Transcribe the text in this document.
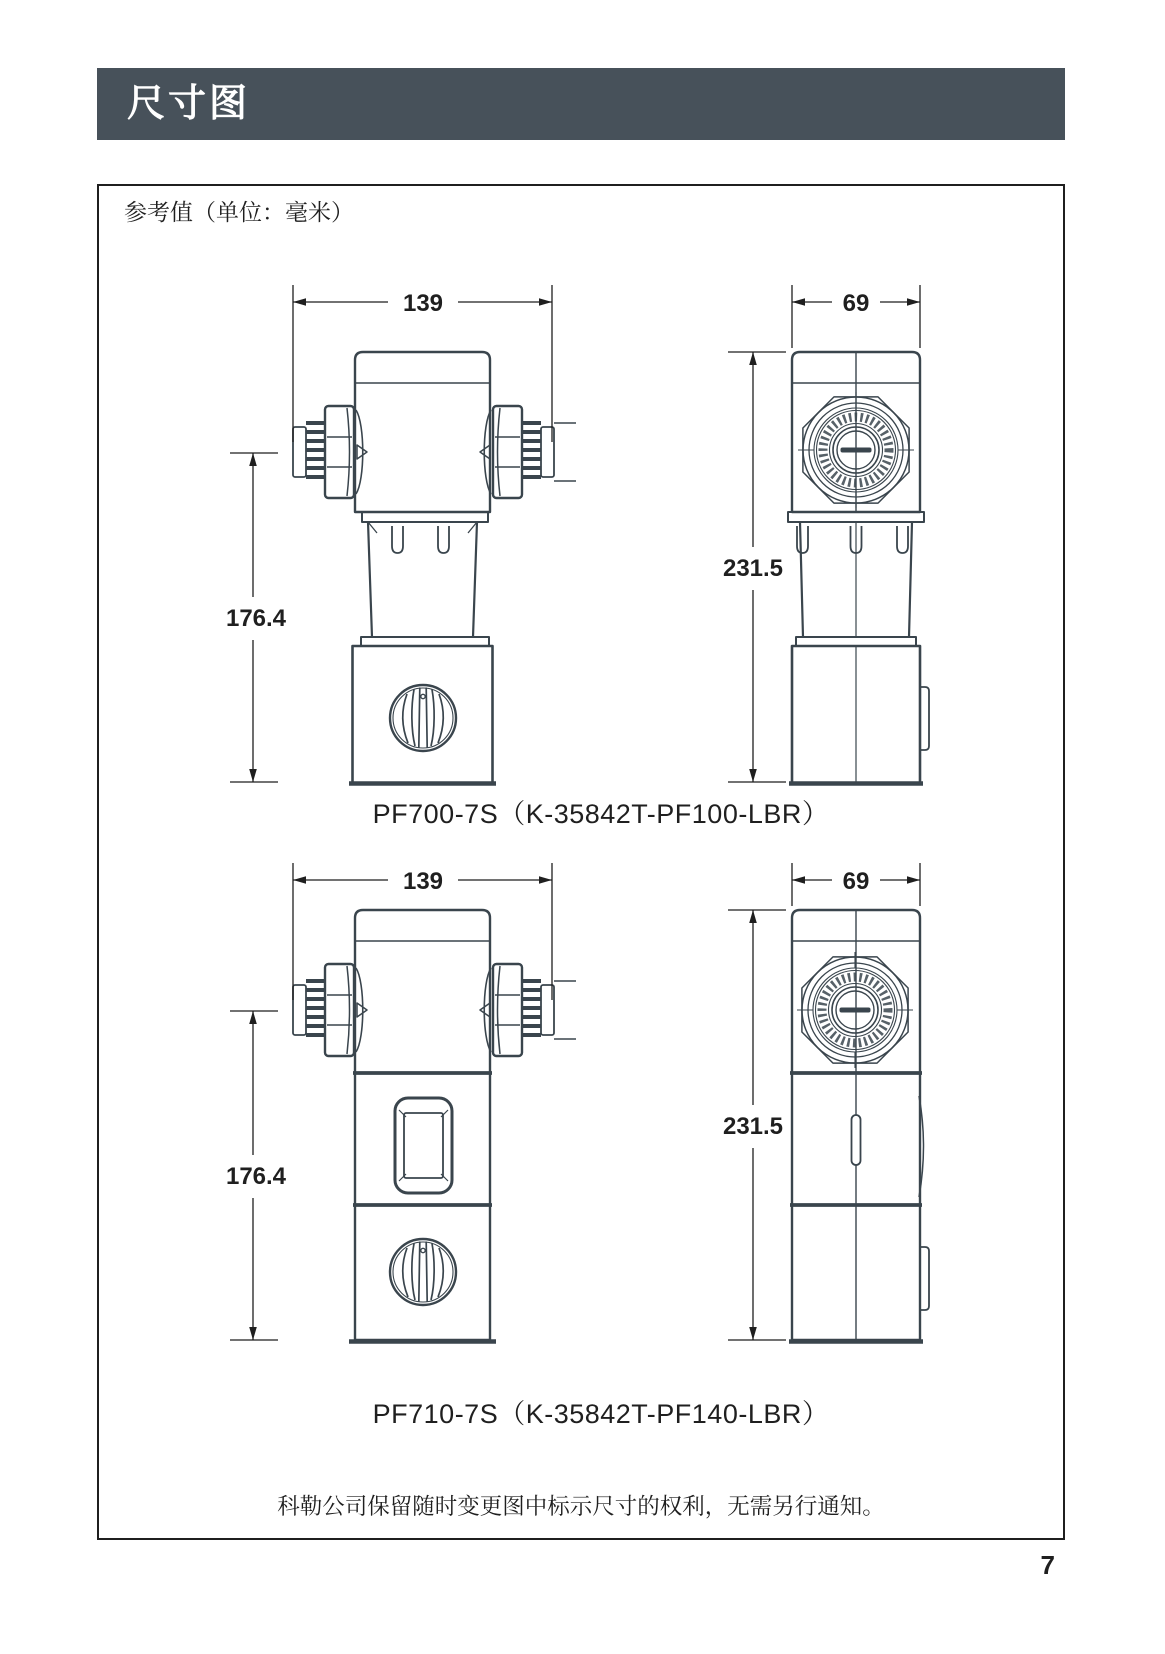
尺寸图
参考值（单位：毫米）
139	69
176.4
231.5
139	69
176.4
231.5
PF700-7S（K-35842T-PF100-LBR）
PF710-7S（K-35842T-PF140-LBR）
科勒公司保留随时变更图中标示尺寸的权利，无需另行通知。
7
